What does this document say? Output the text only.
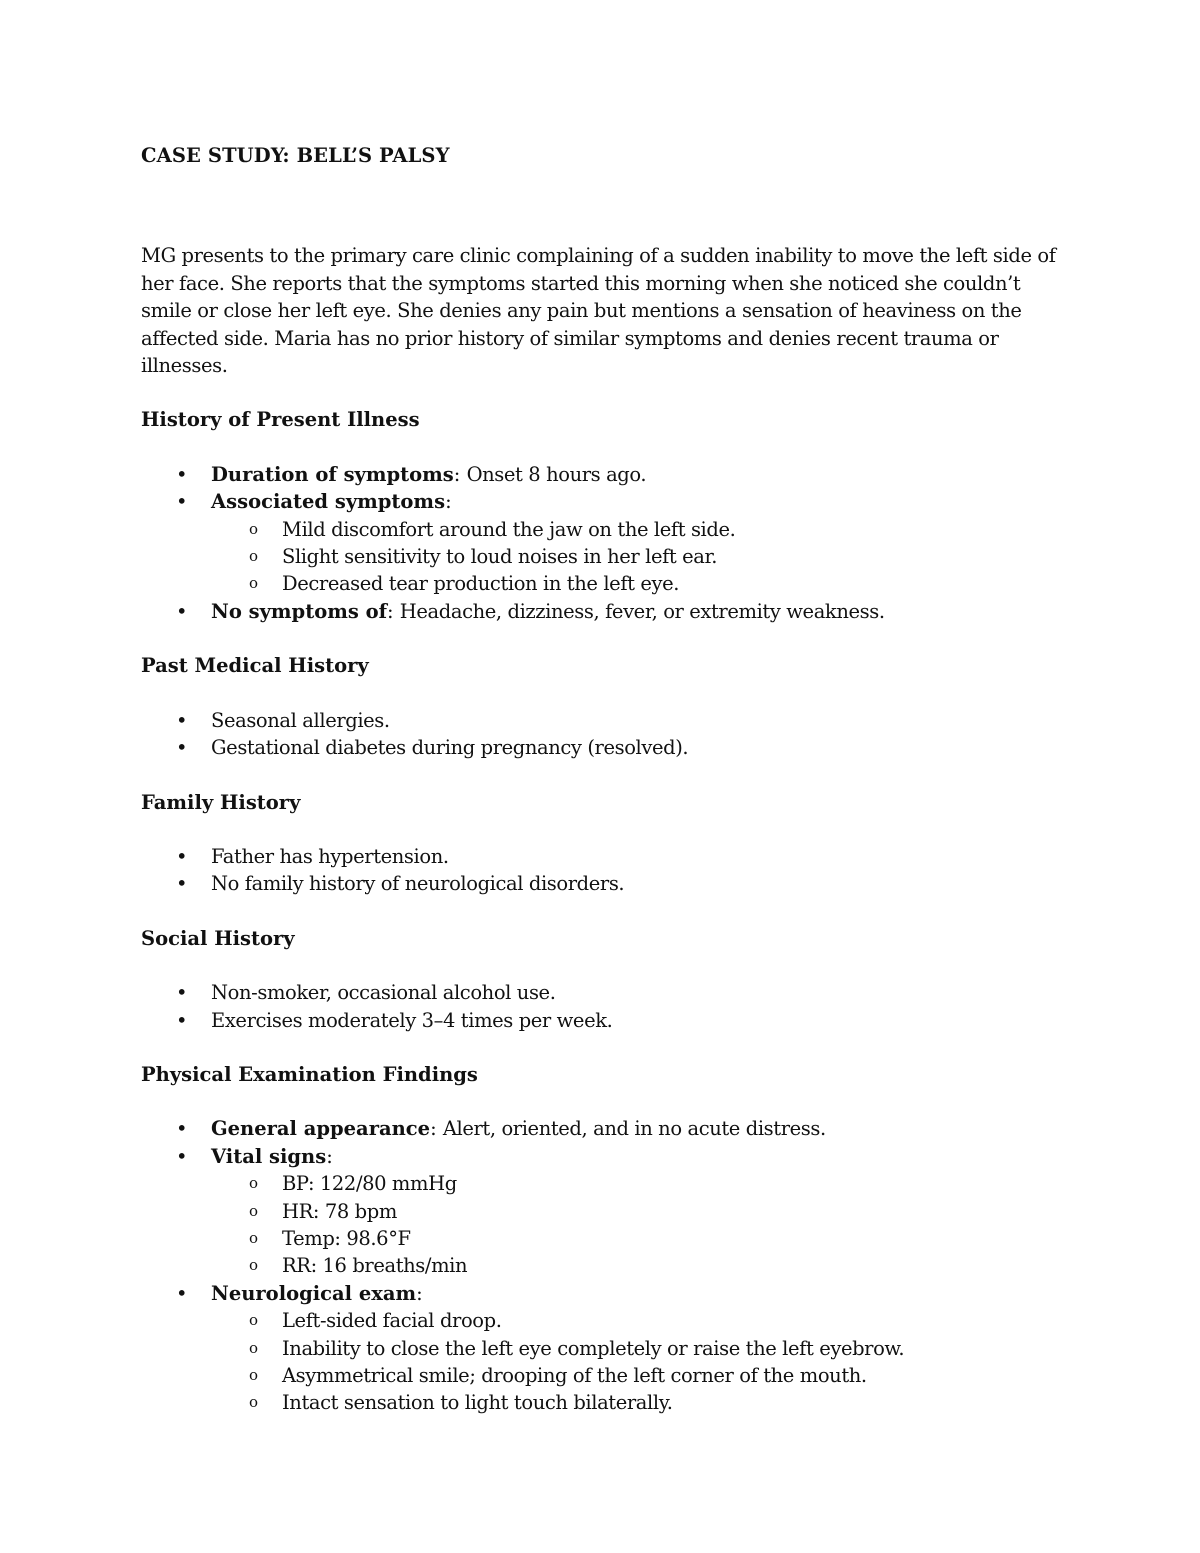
CASE STUDY: BELL’S PALSY

MG presents to the primary care clinic complaining of a sudden inability to move the left side of her face. She reports that the symptoms started this morning when she noticed she couldn’t smile or close her left eye. She denies any pain but mentions a sensation of heaviness on the affected side. Maria has no prior history of similar symptoms and denies recent trauma or illnesses.

History of Present Illness

• Duration of symptoms: Onset 8 hours ago.
• Associated symptoms:
o Mild discomfort around the jaw on the left side.
o Slight sensitivity to loud noises in her left ear.
o Decreased tear production in the left eye.
• No symptoms of: Headache, dizziness, fever, or extremity weakness.

Past Medical History

• Seasonal allergies.
• Gestational diabetes during pregnancy (resolved).

Family History

• Father has hypertension.
• No family history of neurological disorders.

Social History

• Non-smoker, occasional alcohol use.
• Exercises moderately 3–4 times per week.

Physical Examination Findings

• General appearance: Alert, oriented, and in no acute distress.
• Vital signs:
o BP: 122/80 mmHg
o HR: 78 bpm
o Temp: 98.6°F
o RR: 16 breaths/min
• Neurological exam:
o Left-sided facial droop.
o Inability to close the left eye completely or raise the left eyebrow.
o Asymmetrical smile; drooping of the left corner of the mouth.
o Intact sensation to light touch bilaterally.
